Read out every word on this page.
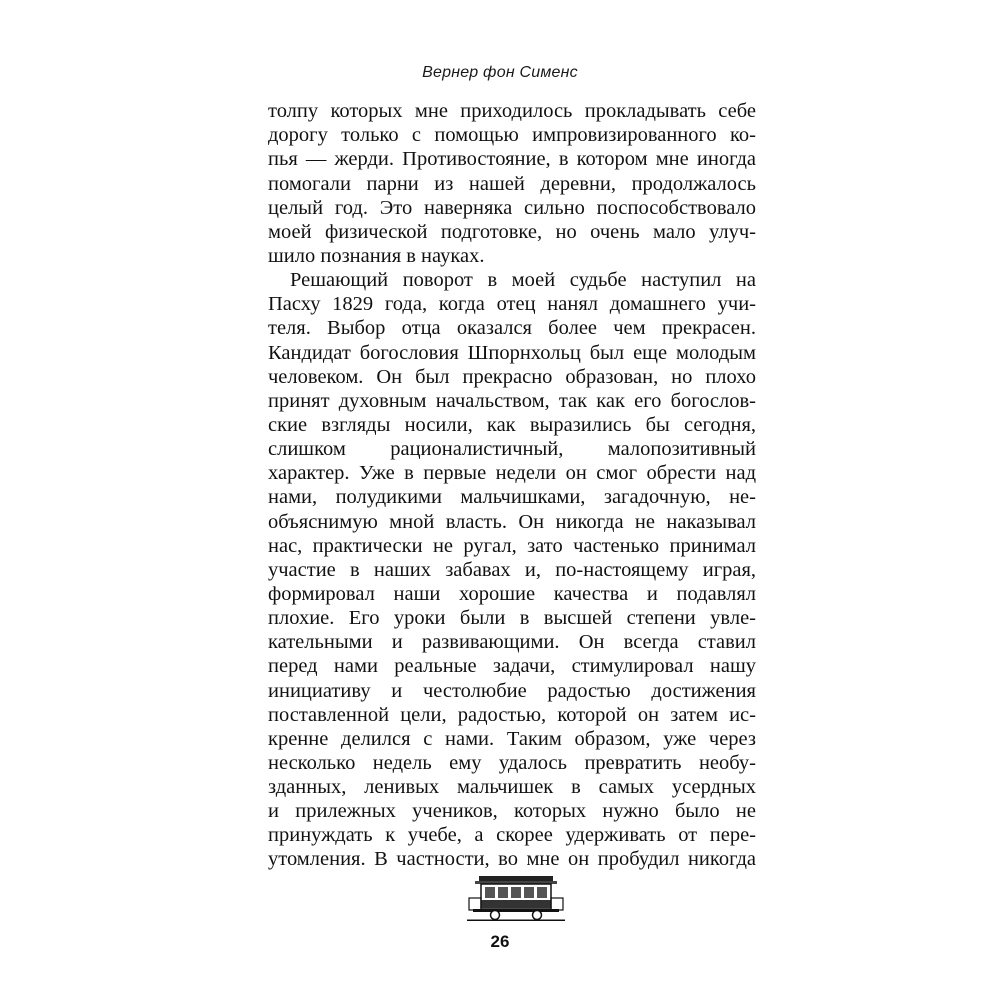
Вернер фон Сименс
толпу которых мне приходилось прокладывать себе
дорогу только с помощью импровизированного ко-
пья — жерди. Противостояние, в котором мне иногда
помогали парни из нашей деревни, продолжалось
целый год. Это наверняка сильно поспособствовало
моей физической подготовке, но очень мало улуч-
шило познания в науках.
Решающий поворот в моей судьбе наступил на
Пасху 1829 года, когда отец нанял домашнего учи-
теля. Выбор отца оказался более чем прекрасен.
Кандидат богословия Шпорнхольц был еще молодым
человеком. Он был прекрасно образован, но плохо
принят духовным начальством, так как его богослов-
ские взгляды носили, как выразились бы сегодня,
слишком рационалистичный, малопозитивный
характер. Уже в первые недели он смог обрести над
нами, полудикими мальчишками, загадочную, не-
объяснимую мной власть. Он никогда не наказывал
нас, практически не ругал, зато частенько принимал
участие в наших забавах и, по-настоящему играя,
формировал наши хорошие качества и подавлял
плохие. Его уроки были в высшей степени увле-
кательными и развивающими. Он всегда ставил
перед нами реальные задачи, стимулировал нашу
инициативу и честолюбие радостью достижения
поставленной цели, радостью, которой он затем ис-
кренне делился с нами. Таким образом, уже через
несколько недель ему удалось превратить необу-
зданных, ленивых мальчишек в самых усердных
и прилежных учеников, которых нужно было не
принуждать к учебе, а скорее удерживать от пере-
утомления. В частности, во мне он пробудил никогда
26
